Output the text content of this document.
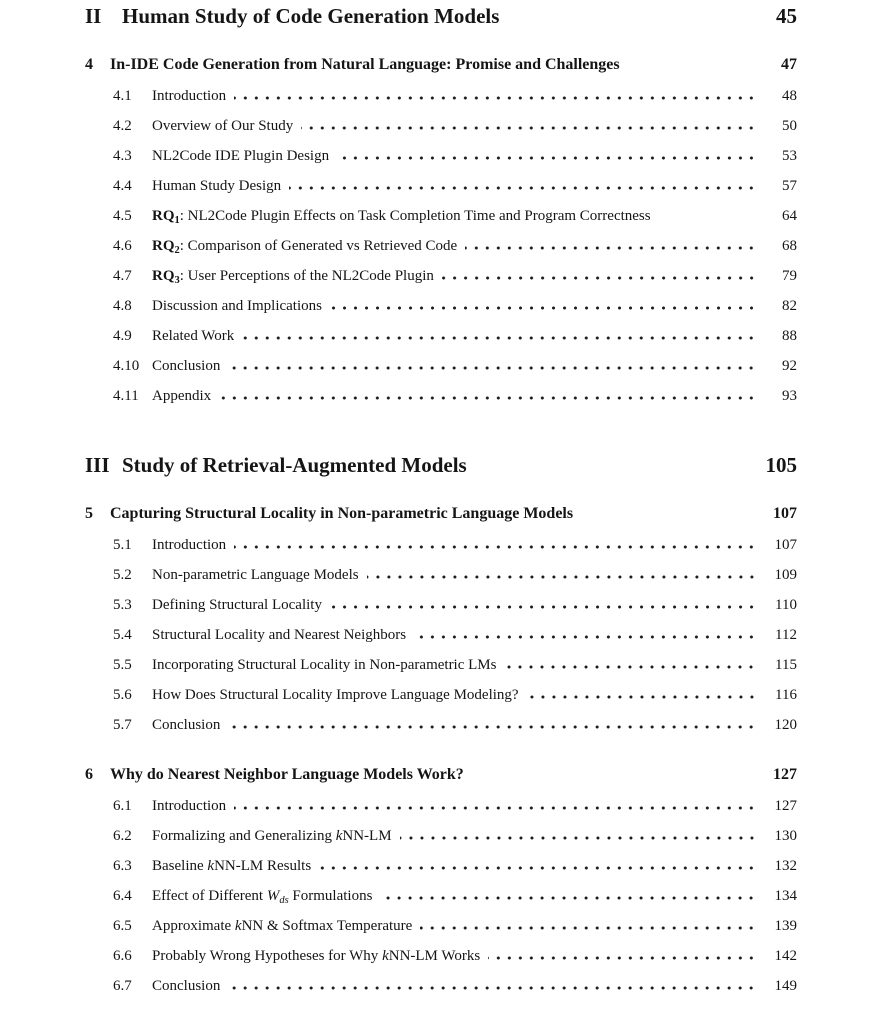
II Human Study of Code Generation Models	45
4	In-IDE Code Generation from Natural Language: Promise and Challenges	47
4.1	Introduction	48
4.2	Overview of Our Study	50
4.3	NL2Code IDE Plugin Design	53
4.4	Human Study Design	57
4.5	RQ1: NL2Code Plugin Effects on Task Completion Time and Program Correctness	64
4.6	RQ2: Comparison of Generated vs Retrieved Code	68
4.7	RQ3: User Perceptions of the NL2Code Plugin	79
4.8	Discussion and Implications	82
4.9	Related Work	88
4.10 Conclusion	92
4.11 Appendix	93
III Study of Retrieval-Augmented Models	105
5	Capturing Structural Locality in Non-parametric Language Models	107
5.1	Introduction	107
5.2	Non-parametric Language Models	109
5.3	Defining Structural Locality	110
5.4	Structural Locality and Nearest Neighbors	112
5.5	Incorporating Structural Locality in Non-parametric LMs	115
5.6	How Does Structural Locality Improve Language Modeling?	116
5.7	Conclusion	120
6	Why do Nearest Neighbor Language Models Work?	127
6.1	Introduction	127
6.2	Formalizing and Generalizing kNN-LM	130
6.3	Baseline kNN-LM Results	132
6.4	Effect of Different Wds Formulations	134
6.5	Approximate kNN & Softmax Temperature	139
6.6	Probably Wrong Hypotheses for Why kNN-LM Works	142
6.7	Conclusion	149
